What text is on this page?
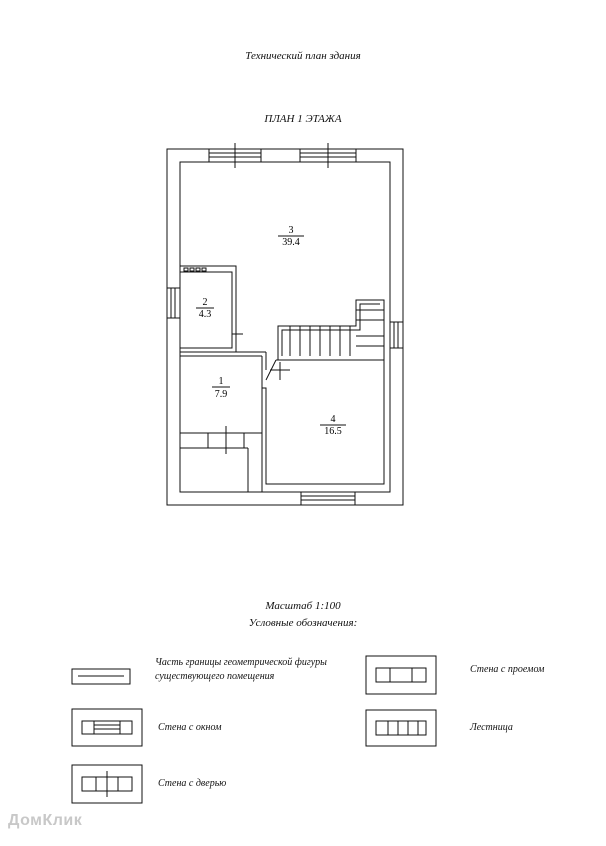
Технический план здания
ПЛАН 1 ЭТАЖА
3
39.4
2
4.3
1
7.9
4
16.5
Масштаб 1:100
Условные обозначения:
Часть границы геометрической фигуры
существующего помещения
Стена с проемом
Стена с окном	Лестница
Стена с дверью
ДомКлик
